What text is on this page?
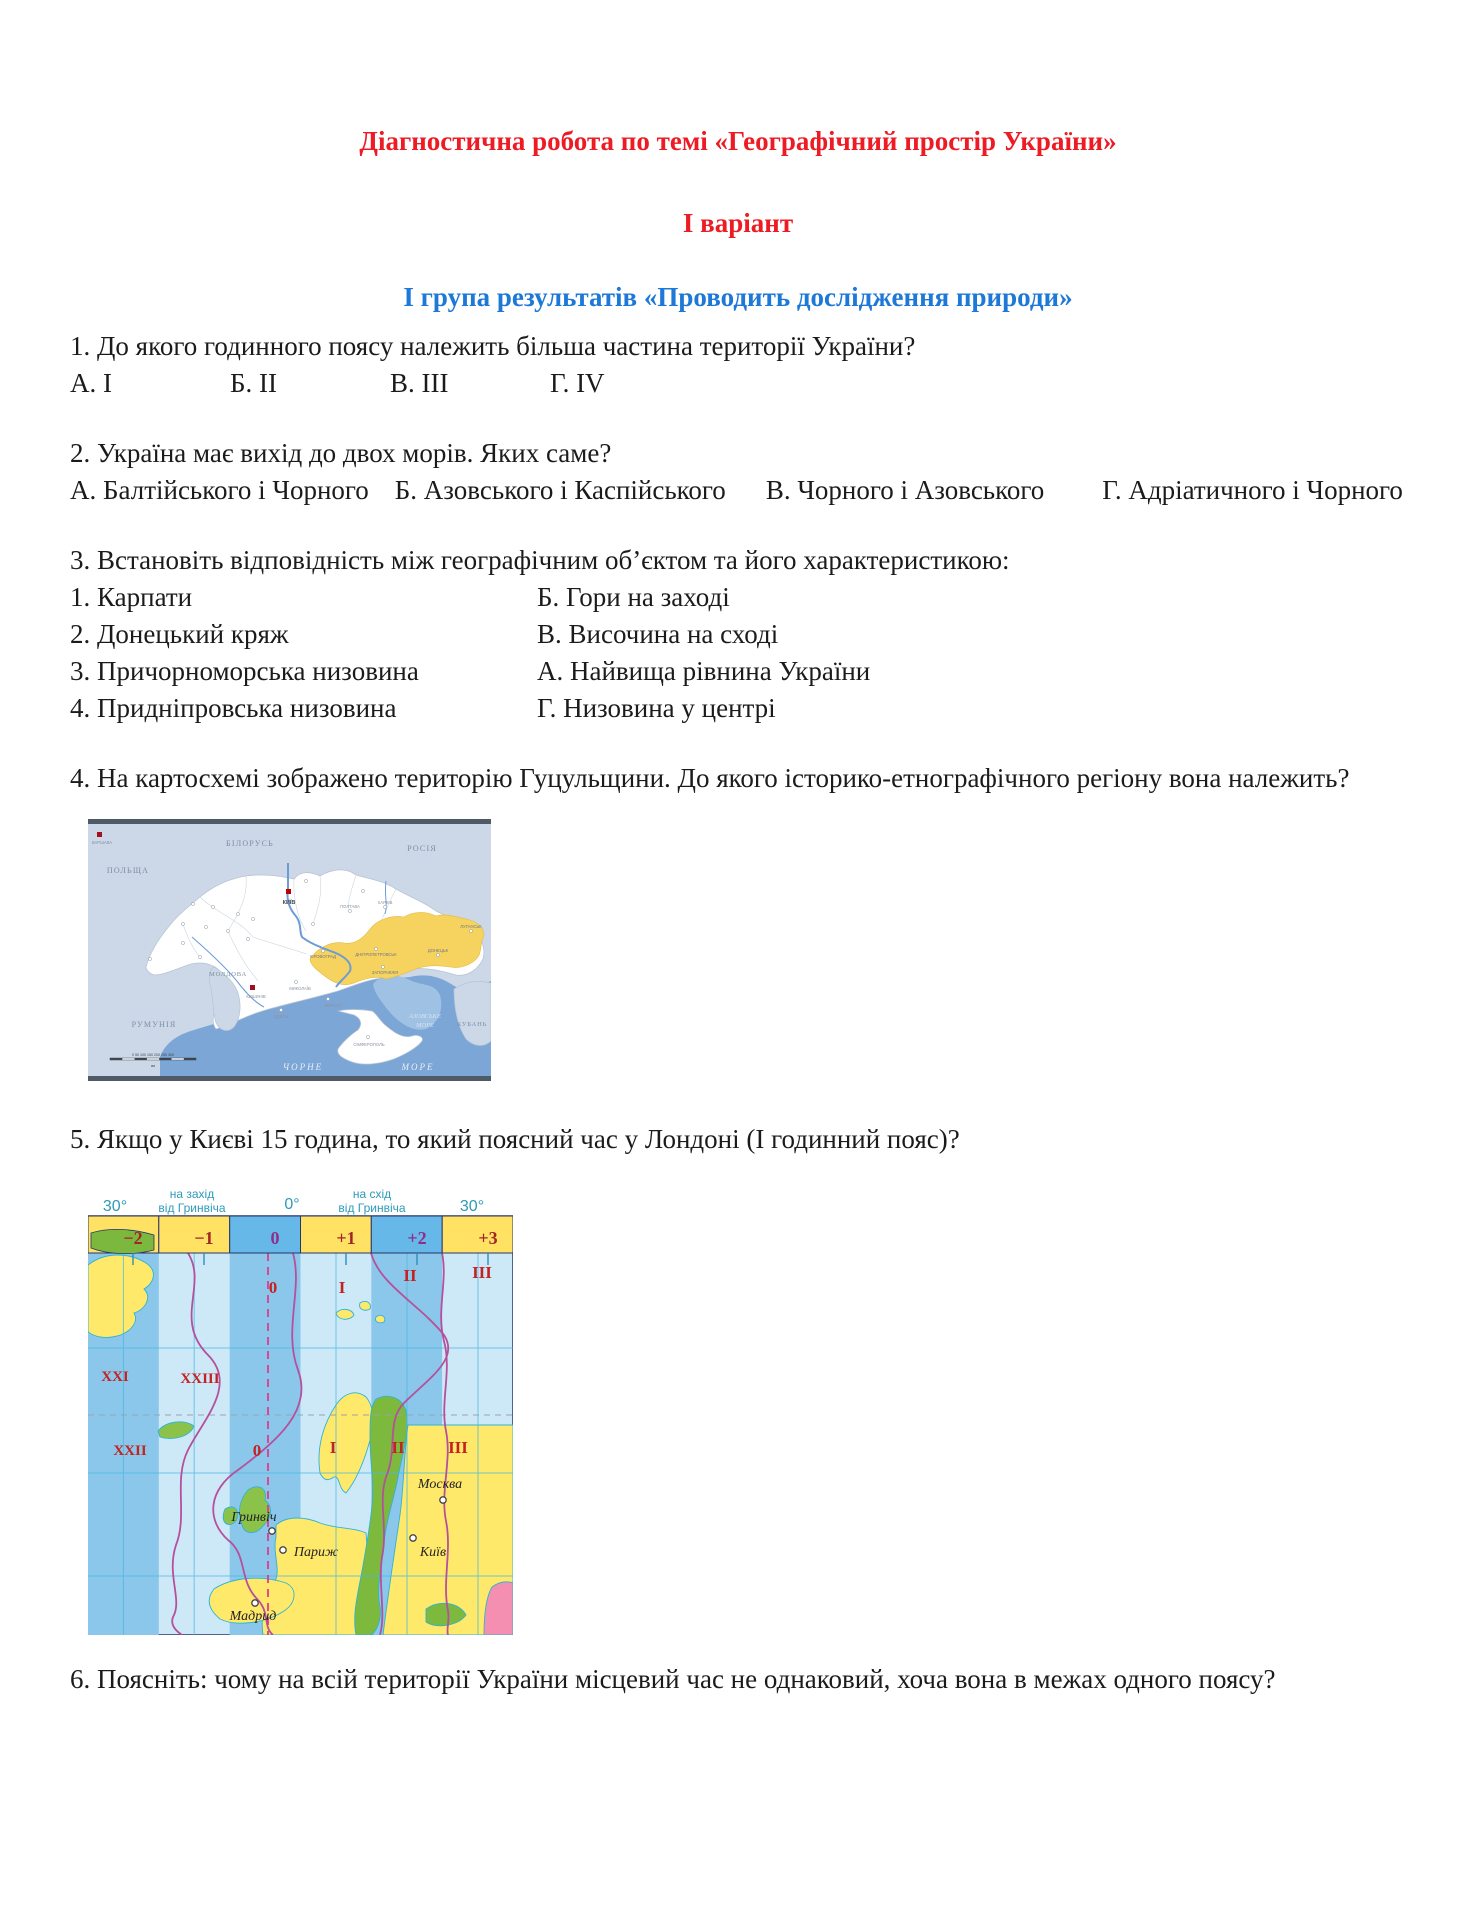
Діагностична робота по темі «Географічний простір України»

І варіант

І група результатів «Проводить дослідження природи»

1. До якого годинного поясу належить більша частина території України?

А. І	Б. ІІ	В. ІІІ	Г. IV

2. Україна має вихід до двох морів. Яких саме?

А. Балтійського і Чорного Б. Азовського і Каспійського В. Чорного і Азовського Г. Адріатичного і Чорного

3. Встановіть відповідність між географічним об’єктом та його характеристикою:

1. Карпати	Б. Гори на заході
2. Донецький кряж	В. Височина на сході
3. Причорноморська низовина	А. Найвища рівнина України
4. Придніпровська низовина	Г. Низовина у центрі

4. На картосхемі зображено територію Гуцульщини. До якого історико-етнографічного регіону вона належить?

БІЛОРУСЬ
РОСІЯ
ПОЛЬЩА
МОЛДОВА
РУМУНІЯ	КУБАНЬ
ЧОРНЕ	МОРЕ
АЗОВСЬКЕ
МОРЕ
КИЇВ
ВАРШАВА
КИШИНІВ
ХАРКІВ
ПОЛТАВА
ЛУГАНСЬК
ДОНЕЦЬК
КІРОВОГРАД	ДНІПРОПЕТРОВСЬК
ЗАПОРІЖЖЯ
МИКОЛАЇВ
ХЕРСОН
ОДЕСА
СІМФЕРОПОЛЬ
0 50 100 150 200 250 300
км

5. Якщо у Києві 15 година, то який поясний час у Лондоні (І годинний пояс)?

30°
на захід
від Гринвіча	0°
на схід
від Гринвіча	30°
−2	−1	0	+1	+2	+3
0	I
II	III
XXI	XXIII
XXII	0	I	II	III
Москва
Гринвіч
Париж	Київ
Мадрид

6. Поясніть: чому на всій території України місцевий час не однаковий, хоча вона в межах одного поясу?
